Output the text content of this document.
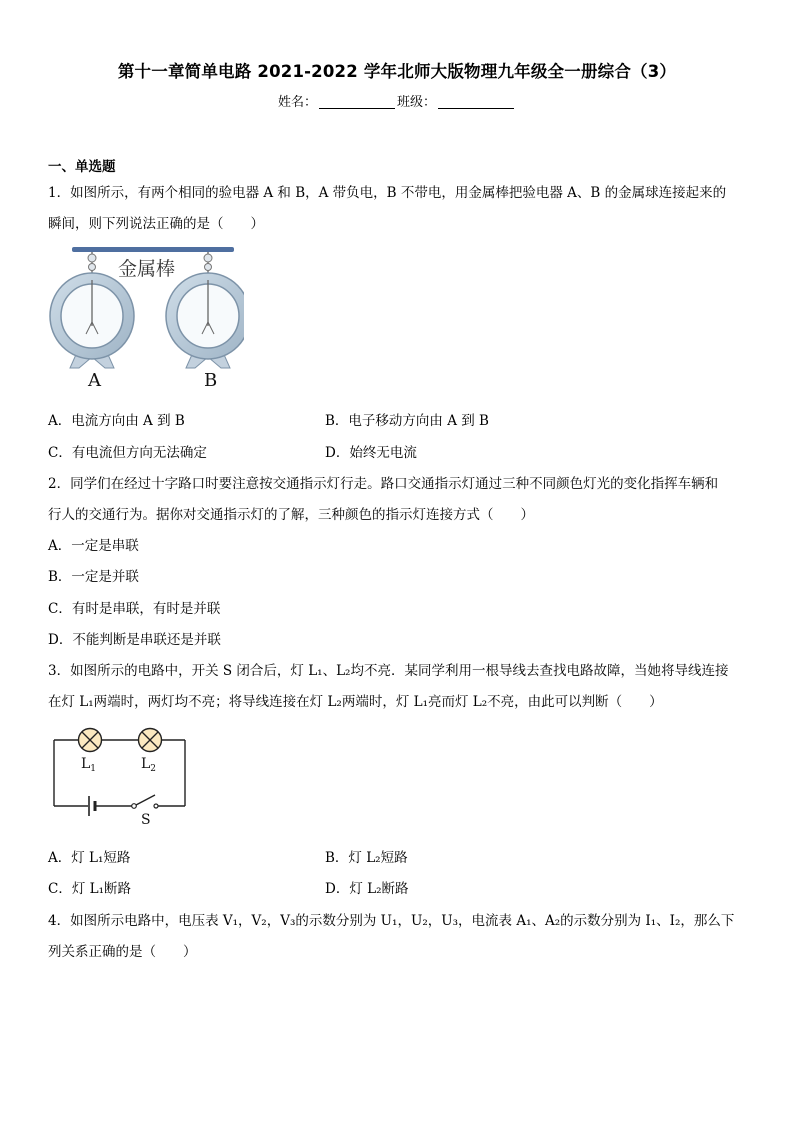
第十一章简单电路 2021-2022 学年北师大版物理九年级全一册综合（3）
姓名：	班级：
一、单选题
1．如图所示，有两个相同的验电器 A 和 B，A 带负电，B 不带电，用金属棒把验电器 A、B 的金属球连接起来的
瞬间，则下列说法正确的是（　　）
金属棒
A	B
A．电流方向由 A 到 B	B．电子移动方向由 A 到 B
C．有电流但方向无法确定	D．始终无电流
2．同学们在经过十字路口时要注意按交通指示灯行走。路口交通指示灯通过三种不同颜色灯光的变化指挥车辆和
行人的交通行为。据你对交通指示灯的了解，三种颜色的指示灯连接方式（　　）
A．一定是串联
B．一定是并联
C．有时是串联，有时是并联
D．不能判断是串联还是并联
3．如图所示的电路中，开关 S 闭合后，灯 L₁、L₂均不亮．某同学利用一根导线去查找电路故障，当她将导线连接
在灯 L₁两端时，两灯均不亮；将导线连接在灯 L₂两端时，灯 L₁亮而灯 L₂不亮，由此可以判断（　　）
$L_1$	$L_2$
S
A．灯 L₁短路	B．灯 L₂短路
C．灯 L₁断路	D．灯 L₂断路
4．如图所示电路中，电压表 V₁，V₂，V₃的示数分别为 U₁，U₂，U₃，电流表 A₁、A₂的示数分别为 I₁、I₂，那么下
列关系正确的是（　　）
